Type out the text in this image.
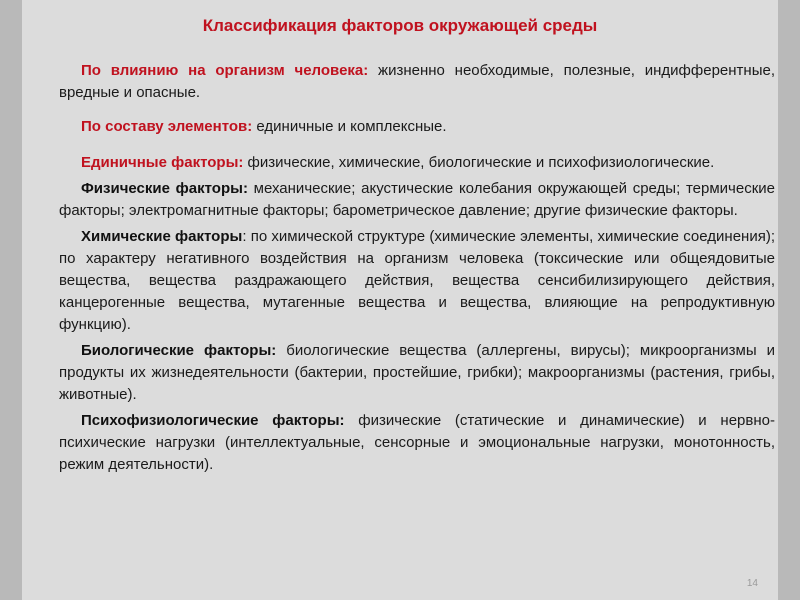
Классификация факторов окружающей среды
По влиянию на организм человека: жизненно необходимые, полезные, индифферентные, вредные и опасные.
По составу элементов: единичные и комплексные.
Единичные факторы: физические, химические, биологические и психофизиологические.
Физические факторы: механические; акустические колебания окружающей среды; термические факторы; электромагнитные факторы; барометрическое давление; другие физические факторы.
Химические факторы: по химической структуре (химические элементы, химические соединения); по характеру негативного воздействия на организм человека (токсические или общеядовитые вещества, вещества раздражающего действия, вещества сенсибилизирующего действия, канцерогенные вещества, мутагенные вещества и вещества, влияющие на репродуктивную функцию).
Биологические факторы: биологические вещества (аллергены, вирусы); микроорганизмы и продукты их жизнедеятельности (бактерии, простейшие, грибки); макроорганизмы (растения, грибы, животные).
Психофизиологические факторы: физические (статические и динамические) и нервно-психические нагрузки (интеллектуальные, сенсорные и эмоциональные нагрузки, монотонность, режим деятельности).
14
